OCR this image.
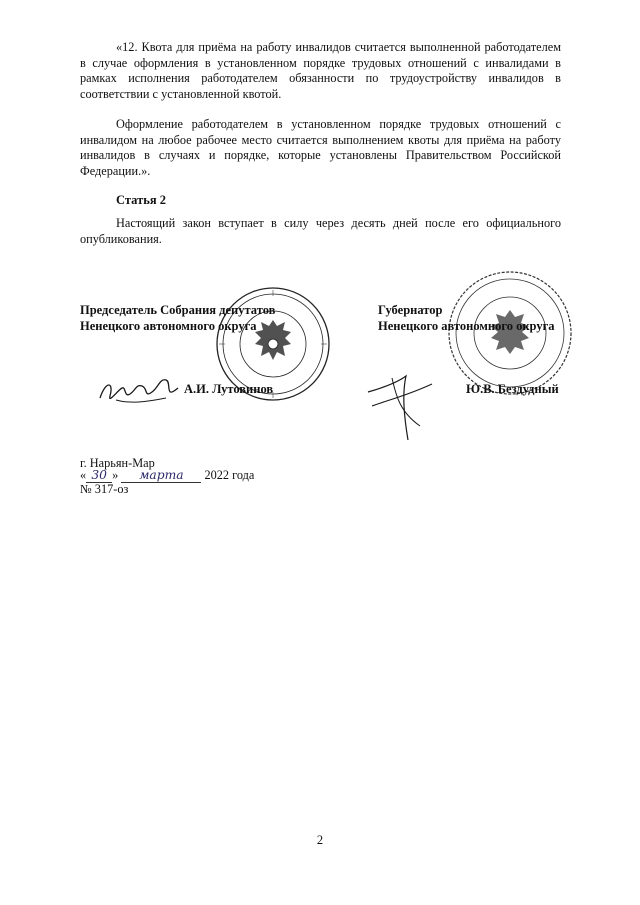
«12. Квота для приёма на работу инвалидов считается выполненной работодателем в случае оформления в установленном порядке трудовых отношений с инвалидами в рамках исполнения работодателем обязанности по трудоустройству инвалидов в соответствии с установленной квотой.

Оформление работодателем в установленном порядке трудовых отношений с инвалидом на любое рабочее место считается выполнением квоты для приёма на работу инвалидов в случаях и порядке, которые установлены Правительством Российской Федерации.».

Статья 2

Настоящий закон вступает в силу через десять дней после его официального опубликования.

Председатель Собрания депутатов
Ненецкого автономного округа
Губернатор
Ненецкого автономного округа
А.И. Лутовинов	Ю.В. Бездудный
г. Нарьян-Мар
« 30 » марта 2022 года
№ 317-оз
2
